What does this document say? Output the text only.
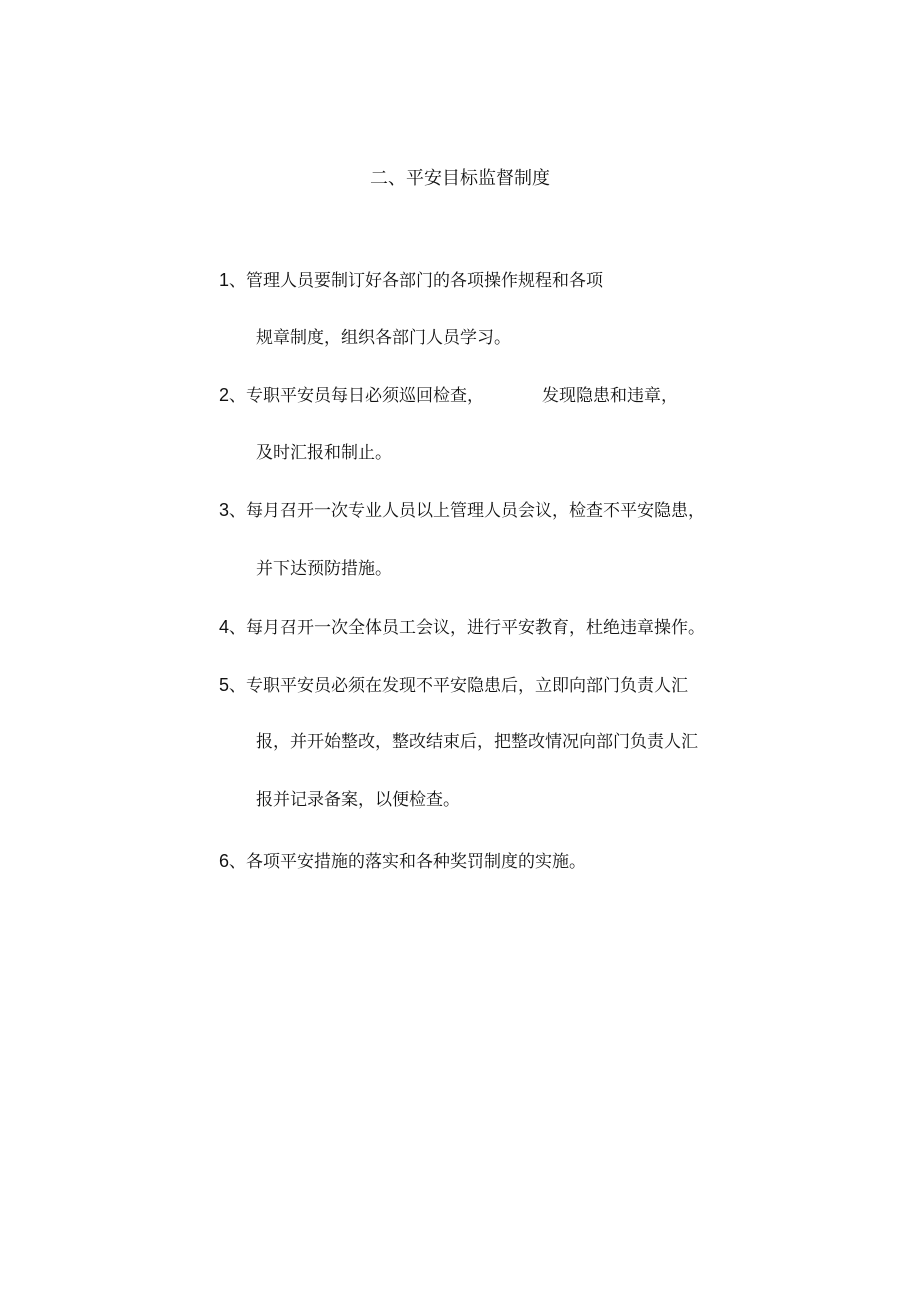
二、平安目标监督制度
1、管理人员要制订好各部门的各项操作规程和各项
规章制度，组织各部门人员学习。
2、专职平安员每日必须巡回检查，	发现隐患和违章，
及时汇报和制止。
3、每月召开一次专业人员以上管理人员会议，检查不平安隐患，
并下达预防措施。
4、每月召开一次全体员工会议，进行平安教育，杜绝违章操作。
5、专职平安员必须在发现不平安隐患后，立即向部门负责人汇
报，并开始整改，整改结束后，把整改情况向部门负责人汇
报并记录备案，以便检查。
6、各项平安措施的落实和各种奖罚制度的实施。
